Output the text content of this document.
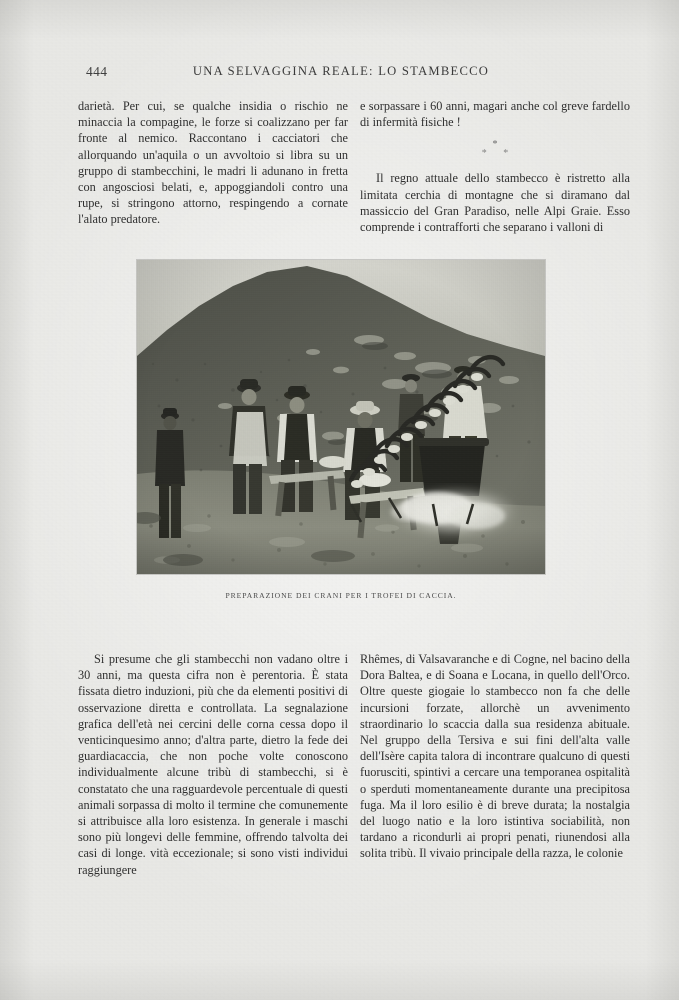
444	UNA SELVAGGINA REALE: LO STAMBECCO

darietà. Per cui, se qualche insidia o rischio ne minaccia la compagine, le forze si coalizzano per far fronte al nemico. Raccontano i cacciatori che allorquando un'aquila o un avvoltoio si libra su un gruppo di stambecchini, le madri li adunano in fretta con angosciosi belati, e, appoggiandoli contro una rupe, si stringono attorno, respingendo a cornate l'alato predatore.

e sorpassare i 60 anni, magari anche col greve fardello di infermità fisiche !

*
* *

Il regno attuale dello stambecco è ristretto alla limitata cerchia di montagne che si diramano dal massiccio del Gran Paradiso, nelle Alpi Graie. Esso comprende i contrafforti che separano i valloni di

PREPARAZIONE DEI CRANI PER I TROFEI DI CACCIA.

Si presume che gli stambecchi non vadano oltre i 30 anni, ma questa cifra non è perentoria. È stata fissata dietro induzioni, più che da elementi positivi di osservazione diretta e controllata. La segnalazione grafica dell'età nei cercini delle corna cessa dopo il venticinquesimo anno; d'altra parte, dietro la fede dei guardiacaccia, che non poche volte conoscono individualmente alcune tribù di stambecchi, si è constatato che una ragguardevole percentuale di questi animali sorpassa di molto il termine che comunemente si attribuisce alla loro esistenza. In generale i maschi sono più longevi delle femmine, offrendo talvolta dei casi di longe. vità eccezionale; si sono visti individui raggiungere

Rhêmes, di Valsavaranche e di Cogne, nel bacino della Dora Baltea, e di Soana e Locana, in quello dell'Orco. Oltre queste giogaie lo stambecco non fa che delle incursioni forzate, allorchè un avvenimento straordinario lo scaccia dalla sua residenza abituale. Nel gruppo della Tersiva e sui fini dell'alta valle dell'Isère capita talora di incontrare qualcuno di questi fuorusciti, spintivi a cercare una temporanea ospitalità o sperduti momentaneamente durante una precipitosa fuga. Ma il loro esilio è di breve durata; la nostalgia del luogo natio e la loro istintiva sociabilità, non tardano a ricondurli ai propri penati, riunendosi alla solita tribù. Il vivaio principale della razza, le colonie
